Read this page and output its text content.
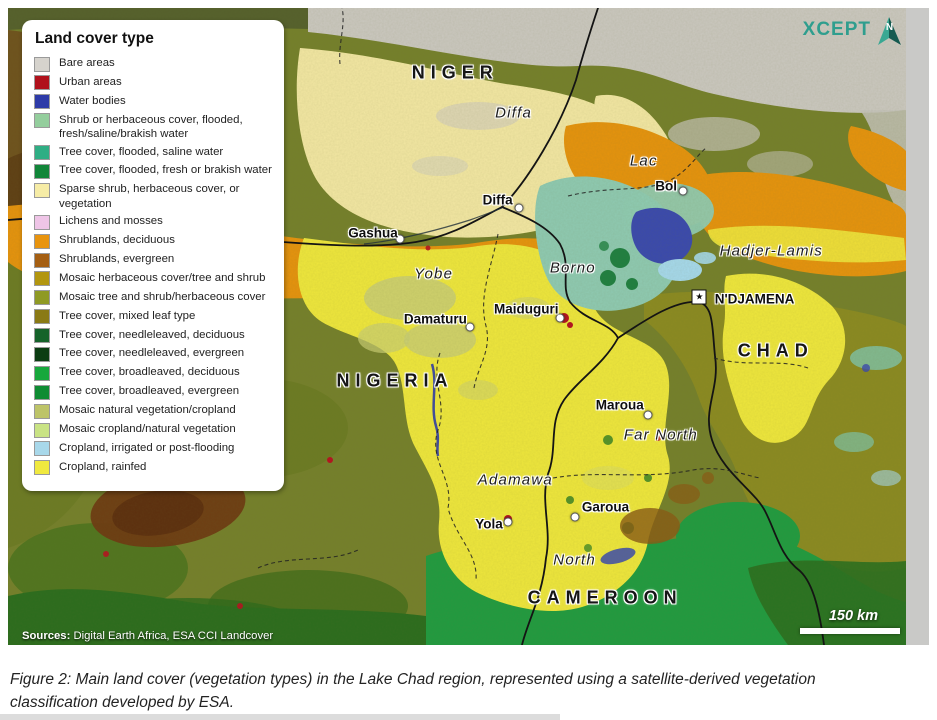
NIGER
NIGERIA
CHAD
CAMEROON
Diffa
Lac
Yobe	Borno
Hadjer-Lamis
Far North
Adamawa
North
Diffa
Bol
Gashua
Damaturu
Maiduguri
Maroua
Garoua
Yola
★ N'DJAMENA
XCEPT N
Land cover type
Bare areas
Urban areas
Water bodies
Shrub or herbaceous cover, flooded, fresh/saline/brakish water
Tree cover, flooded, saline water
Tree cover, flooded, fresh or brakish water
Sparse shrub, herbaceous cover, or vegetation
Lichens and mosses
Shrublands, deciduous
Shrublands, evergreen
Mosaic herbaceous cover/tree and shrub
Mosaic tree and shrub/herbaceous cover
Tree cover, mixed leaf type
Tree cover, needleleaved, deciduous
Tree cover, needleleaved, evergreen
Tree cover, broadleaved, deciduous
Tree cover, broadleaved, evergreen
Mosaic natural vegetation/cropland
Mosaic cropland/natural vegetation
Cropland, irrigated or post-flooding
Cropland, rainfed
150 km
Sources: Digital Earth Africa, ESA CCI Landcover
Figure 2: Main land cover (vegetation types) in the Lake Chad region, represented using a satellite-derived vegetation classification developed by ESA.
